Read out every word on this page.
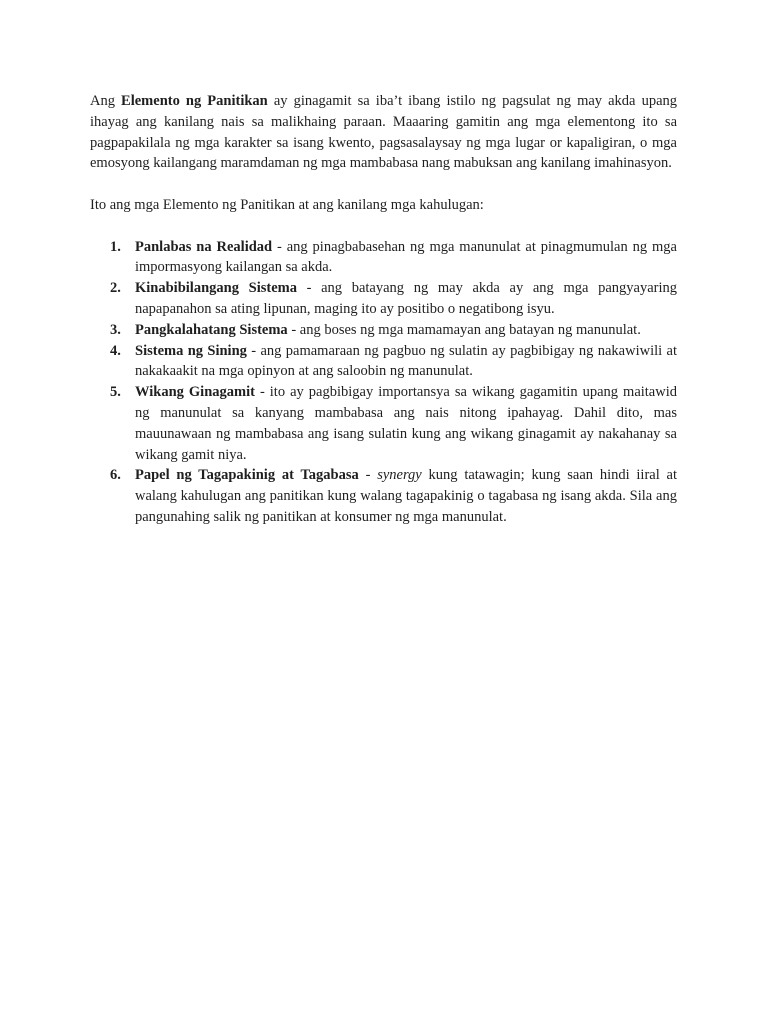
Ang Elemento ng Panitikan ay ginagamit sa iba’t ibang istilo ng pagsulat ng may akda upang ihayag ang kanilang nais sa malikhaing paraan. Maaaring gamitin ang mga elementong ito sa pagpapakilala ng mga karakter sa isang kwento, pagsasalaysay ng mga lugar or kapaligiran, o mga emosyong kailangang maramdaman ng mga mambabasa nang mabuksan ang kanilang imahinasyon.

Ito ang mga Elemento ng Panitikan at ang kanilang mga kahulugan:

1. Panlabas na Realidad - ang pinagbabasehan ng mga manunulat at pinagmumulan ng mga impormasyong kailangan sa akda.
2. Kinabibilangang Sistema - ang batayang ng may akda ay ang mga pangyayaring napapanahon sa ating lipunan, maging ito ay positibo o negatibong isyu.
3. Pangkalahatang Sistema - ang boses ng mga mamamayan ang batayan ng manunulat.
4. Sistema ng Sining - ang pamamaraan ng pagbuo ng sulatin ay pagbibigay ng nakawiwili at nakakaakit na mga opinyon at ang saloobin ng manunulat.
5. Wikang Ginagamit - ito ay pagbibigay importansya sa wikang gagamitin upang maitawid ng manunulat sa kanyang mambabasa ang nais nitong ipahayag. Dahil dito, mas mauunawaan ng mambabasa ang isang sulatin kung ang wikang ginagamit ay nakahanay sa wikang gamit niya.
6. Papel ng Tagapakinig at Tagabasa - synergy kung tatawagin; kung saan hindi iiral at walang kahulugan ang panitikan kung walang tagapakinig o tagabasa ng isang akda. Sila ang pangunahing salik ng panitikan at konsumer ng mga manunulat.
